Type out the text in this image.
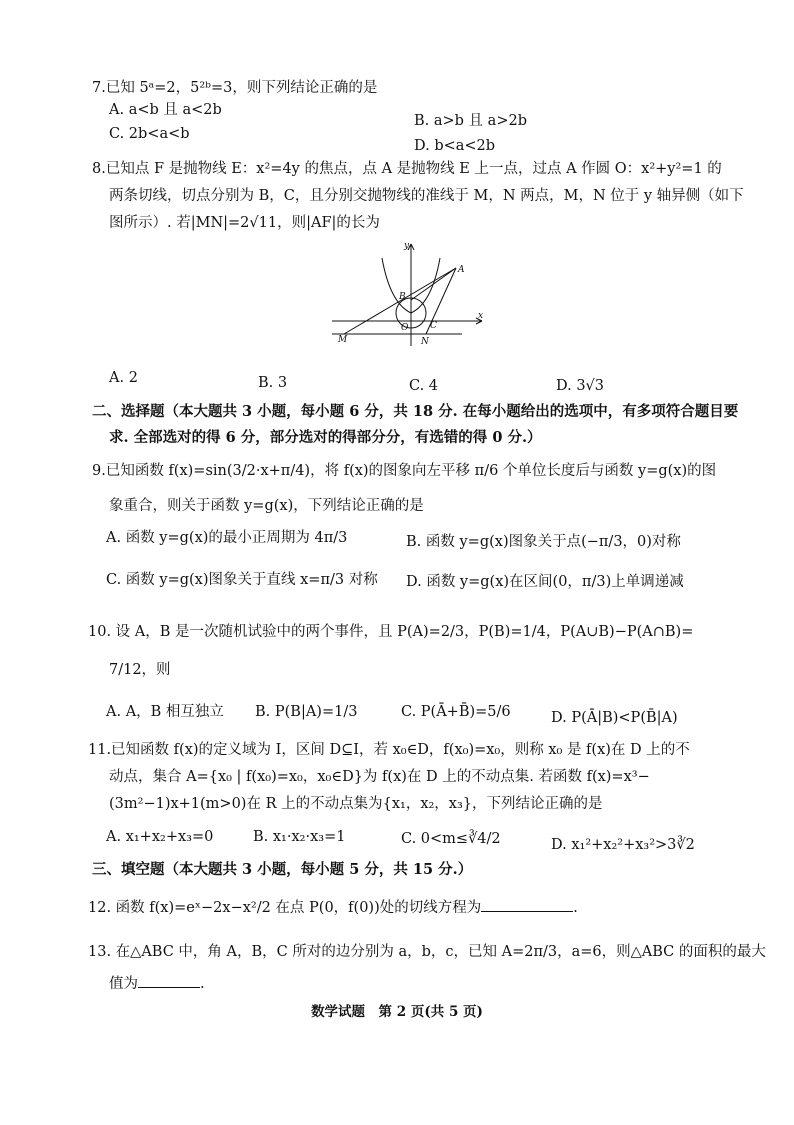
7.已知 5ᵃ=2，5²ᵇ=3，则下列结论正确的是
A. a<b 且 a<2b
B. a>b 且 a>2b
C. 2b<a<b
D. b<a<2b
8.已知点 F 是抛物线 E：x²=4y 的焦点，点 A 是抛物线 E 上一点，过点 A 作圆 O：x²+y²=1 的
两条切线，切点分别为 B，C，且分别交抛物线的准线于 M，N 两点，M，N 位于 y 轴异侧（如下
图所示）. 若|MN|=2√11，则|AF|的长为
y
x
A
B
O C
M	N
A. 2	B. 3	C. 4	D. 3√3
二、选择题（本大题共 3 小题，每小题 6 分，共 18 分. 在每小题给出的选项中，有多项符合题目要
求. 全部选对的得 6 分，部分选对的得部分分，有选错的得 0 分.）
9.已知函数 f(x)=sin(3/2·x+π/4)，将 f(x)的图象向左平移 π/6 个单位长度后与函数 y=g(x)的图
象重合，则关于函数 y=g(x)，下列结论正确的是
A. 函数 y=g(x)的最小正周期为 4π/3	B. 函数 y=g(x)图象关于点(−π/3，0)对称
C. 函数 y=g(x)图象关于直线 x=π/3 对称 D. 函数 y=g(x)在区间(0，π/3)上单调递减
10. 设 A，B 是一次随机试验中的两个事件，且 P(A)=2/3，P(B)=1/4，P(A∪B)−P(A∩B)=
7/12，则
A. A，B 相互独立 B. P(B|A)=1/3	C. P(Ā+B̄)=5/6	D. P(Ā|B)<P(B̄|A)
11.已知函数 f(x)的定义域为 I，区间 D⊆I，若 x₀∈D，f(x₀)=x₀，则称 x₀ 是 f(x)在 D 上的不
动点，集合 A={x₀ | f(x₀)=x₀，x₀∈D}为 f(x)在 D 上的不动点集. 若函数 f(x)=x³−
(3m²−1)x+1(m>0)在 R 上的不动点集为{x₁，x₂，x₃}，下列结论正确的是
A. x₁+x₂+x₃=0	B. x₁·x₂·x₃=1	C. 0<m≤∛4/2	D. x₁²+x₂²+x₃²>3∛2
三、填空题（本大题共 3 小题，每小题 5 分，共 15 分.）
12. 函数 f(x)=eˣ−2x−x²/2 在点 P(0，f(0))处的切线方程为	.
13. 在△ABC 中，角 A，B，C 所对的边分别为 a，b，c，已知 A=2π/3，a=6，则△ABC 的面积的最大
值为	.
数学试题　第 2 页(共 5 页)
